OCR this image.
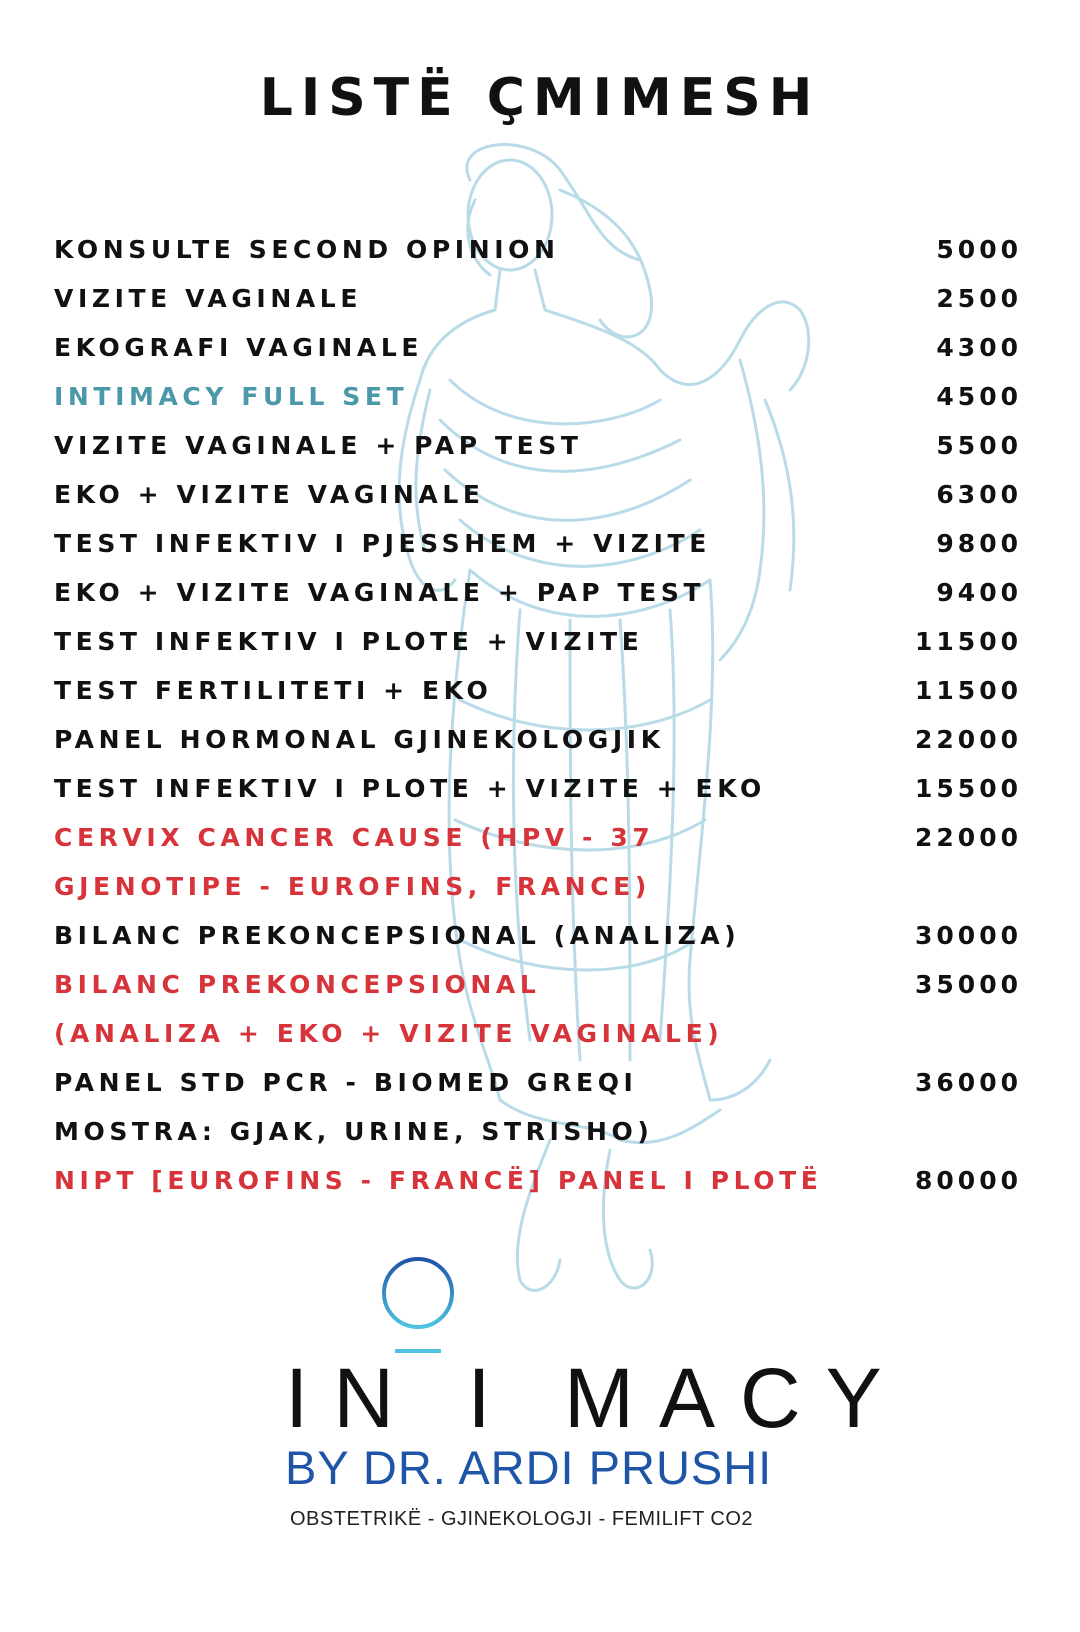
LISTË ÇMIMESH
KONSULTE SECOND OPINION	5000
VIZITE VAGINALE	2500
EKOGRAFI VAGINALE	4300
INTIMACY FULL SET	4500
VIZITE VAGINALE + PAP TEST	5500
EKO + VIZITE VAGINALE	6300
TEST INFEKTIV I PJESSHEM + VIZITE	9800
EKO + VIZITE VAGINALE + PAP TEST	9400
TEST INFEKTIV I PLOTE + VIZITE	11500
TEST FERTILITETI + EKO	11500
PANEL HORMONAL GJINEKOLOGJIK	22000
TEST INFEKTIV I PLOTE + VIZITE + EKO	15500
CERVIX CANCER CAUSE (HPV - 37
GJENOTIPE - EUROFINS, FRANCE)
22000
BILANC PREKONCEPSIONAL (ANALIZA)	30000
BILANC PREKONCEPSIONAL
(ANALIZA + EKO + VIZITE VAGINALE)
35000
PANEL STD PCR - BIOMED GREQI
MOSTRA: GJAK, URINE, STRISHO)
36000
NIPT [EUROFINS - FRANCË] PANEL I PLOTË	80000
IN I MACY
BY DR. ARDI PRUSHI
OBSTETRIKË - GJINEKOLOGJI - FEMILIFT CO2
